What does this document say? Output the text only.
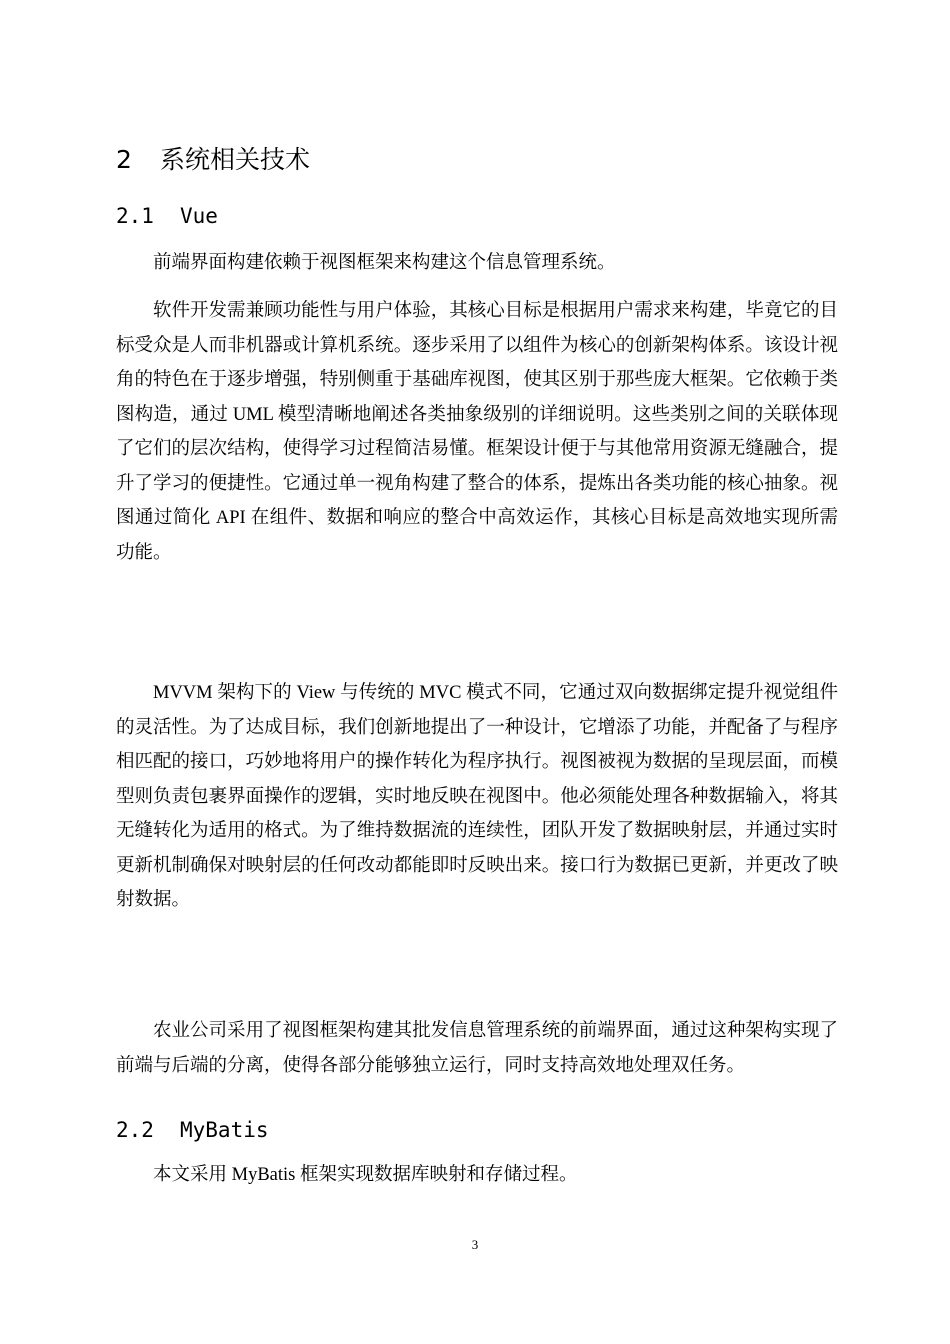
2 系统相关技术
2.1 Vue

前端界面构建依赖于视图框架来构建这个信息管理系统。

软件开发需兼顾功能性与用户体验，其核心目标是根据用户需求来构建，毕竟它的目标受众是人而非机器或计算机系统。逐步采用了以组件为核心的创新架构体系。该设计视角的特色在于逐步增强，特别侧重于基础库视图，使其区别于那些庞大框架。它依赖于类图构造，通过 UML 模型清晰地阐述各类抽象级别的详细说明。这些类别之间的关联体现了它们的层次结构，使得学习过程简洁易懂。框架设计便于与其他常用资源无缝融合，提升了学习的便捷性。它通过单一视角构建了整合的体系，提炼出各类功能的核心抽象。视图通过简化 API 在组件、数据和响应的整合中高效运作，其核心目标是高效地实现所需功能。

MVVM 架构下的 View 与传统的 MVC 模式不同，它通过双向数据绑定提升视觉组件的灵活性。为了达成目标，我们创新地提出了一种设计，它增添了功能，并配备了与程序相匹配的接口，巧妙地将用户的操作转化为程序执行。视图被视为数据的呈现层面，而模型则负责包裹界面操作的逻辑，实时地反映在视图中。他必须能处理各种数据输入，将其无缝转化为适用的格式。为了维持数据流的连续性，团队开发了数据映射层，并通过实时更新机制确保对映射层的任何改动都能即时反映出来。接口行为数据已更新，并更改了映射数据。

农业公司采用了视图框架构建其批发信息管理系统的前端界面，通过这种架构实现了前端与后端的分离，使得各部分能够独立运行，同时支持高效地处理双任务。

2.2 MyBatis

本文采用 MyBatis 框架实现数据库映射和存储过程。

3
